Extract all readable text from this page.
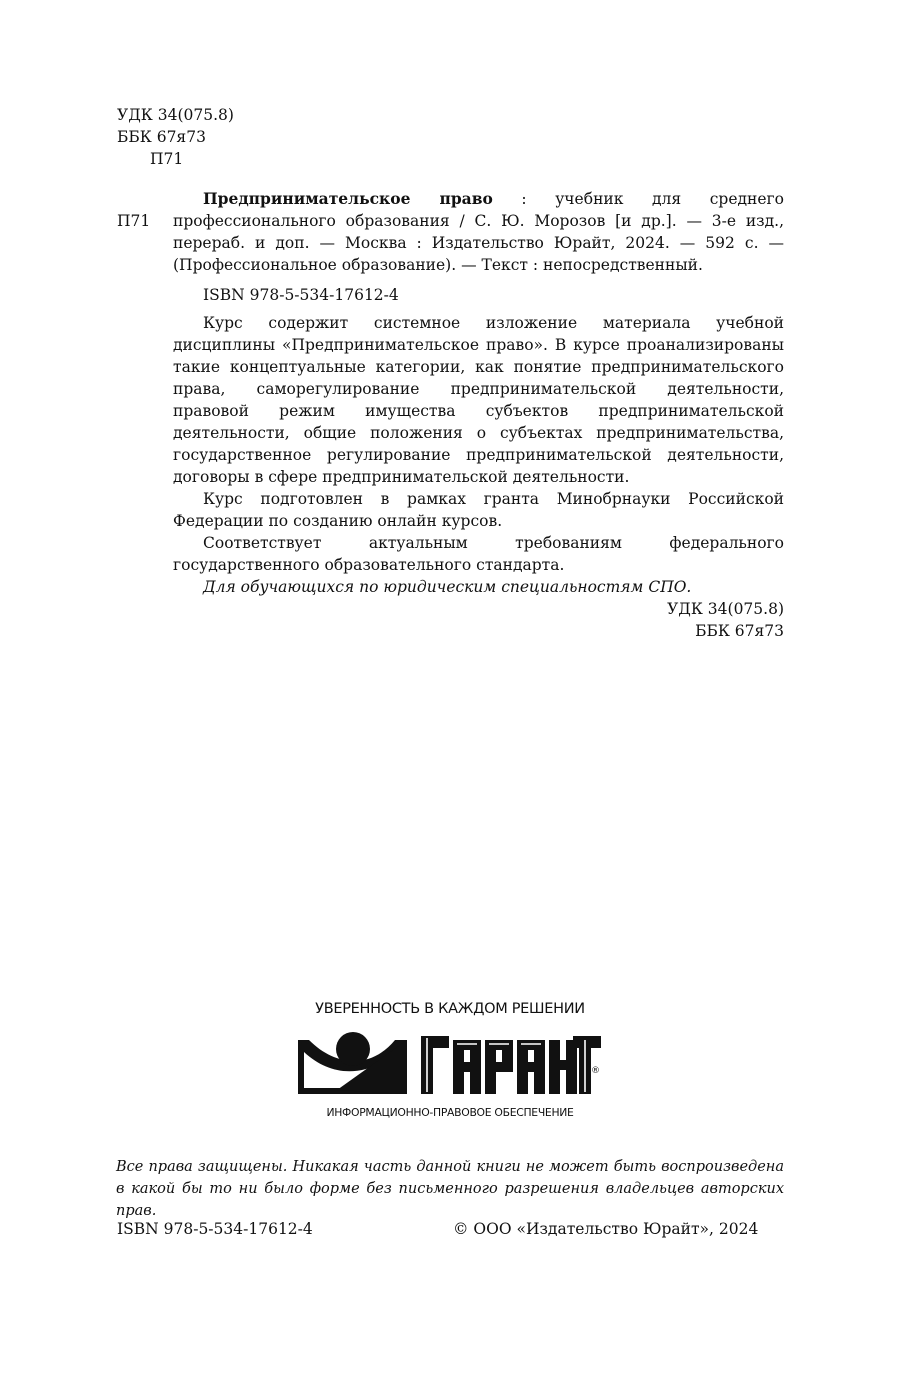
УДК 34(075.8)
ББК 67я73
П71
П71

Предпринимательское право : учебник для среднего профессионального образования / С. Ю. Морозов [и др.]. — 3-е изд., перераб. и доп. — Москва : Издательство Юрайт, 2024. — 592 с. — (Профессиональное образование). — Текст : непосредственный.

ISBN 978-5-534-17612-4

Курс содержит системное изложение материала учебной дисциплины «Предпринимательское право». В курсе проанализированы такие концептуальные категории, как понятие предпринимательского права, саморегулирование предпринимательской деятельности, правовой режим имущества субъектов предпринимательской деятельности, общие положения о субъектах предпринимательства, государственное регулирование предпринимательской деятельности, договоры в сфере предпринимательской деятельности.

Курс подготовлен в рамках гранта Минобрнауки Российской Федерации по созданию онлайн курсов.

Соответствует актуальным требованиям федерального государственного образовательного стандарта.

Для обучающихся по юридическим специальностям СПО.

УДК 34(075.8)
ББК 67я73
УВЕРЕННОСТЬ В КАЖДОМ РЕШЕНИИ
®
ИНФОРМАЦИОННО-ПРАВОВОЕ ОБЕСПЕЧЕНИЕ
Все права защищены. Никакая часть данной книги не может быть воспроизведена в какой бы то ни было форме без письменного разрешения владельцев авторских прав.
ISBN 978-5-534-17612-4	© ООО «Издательство Юрайт», 2024
